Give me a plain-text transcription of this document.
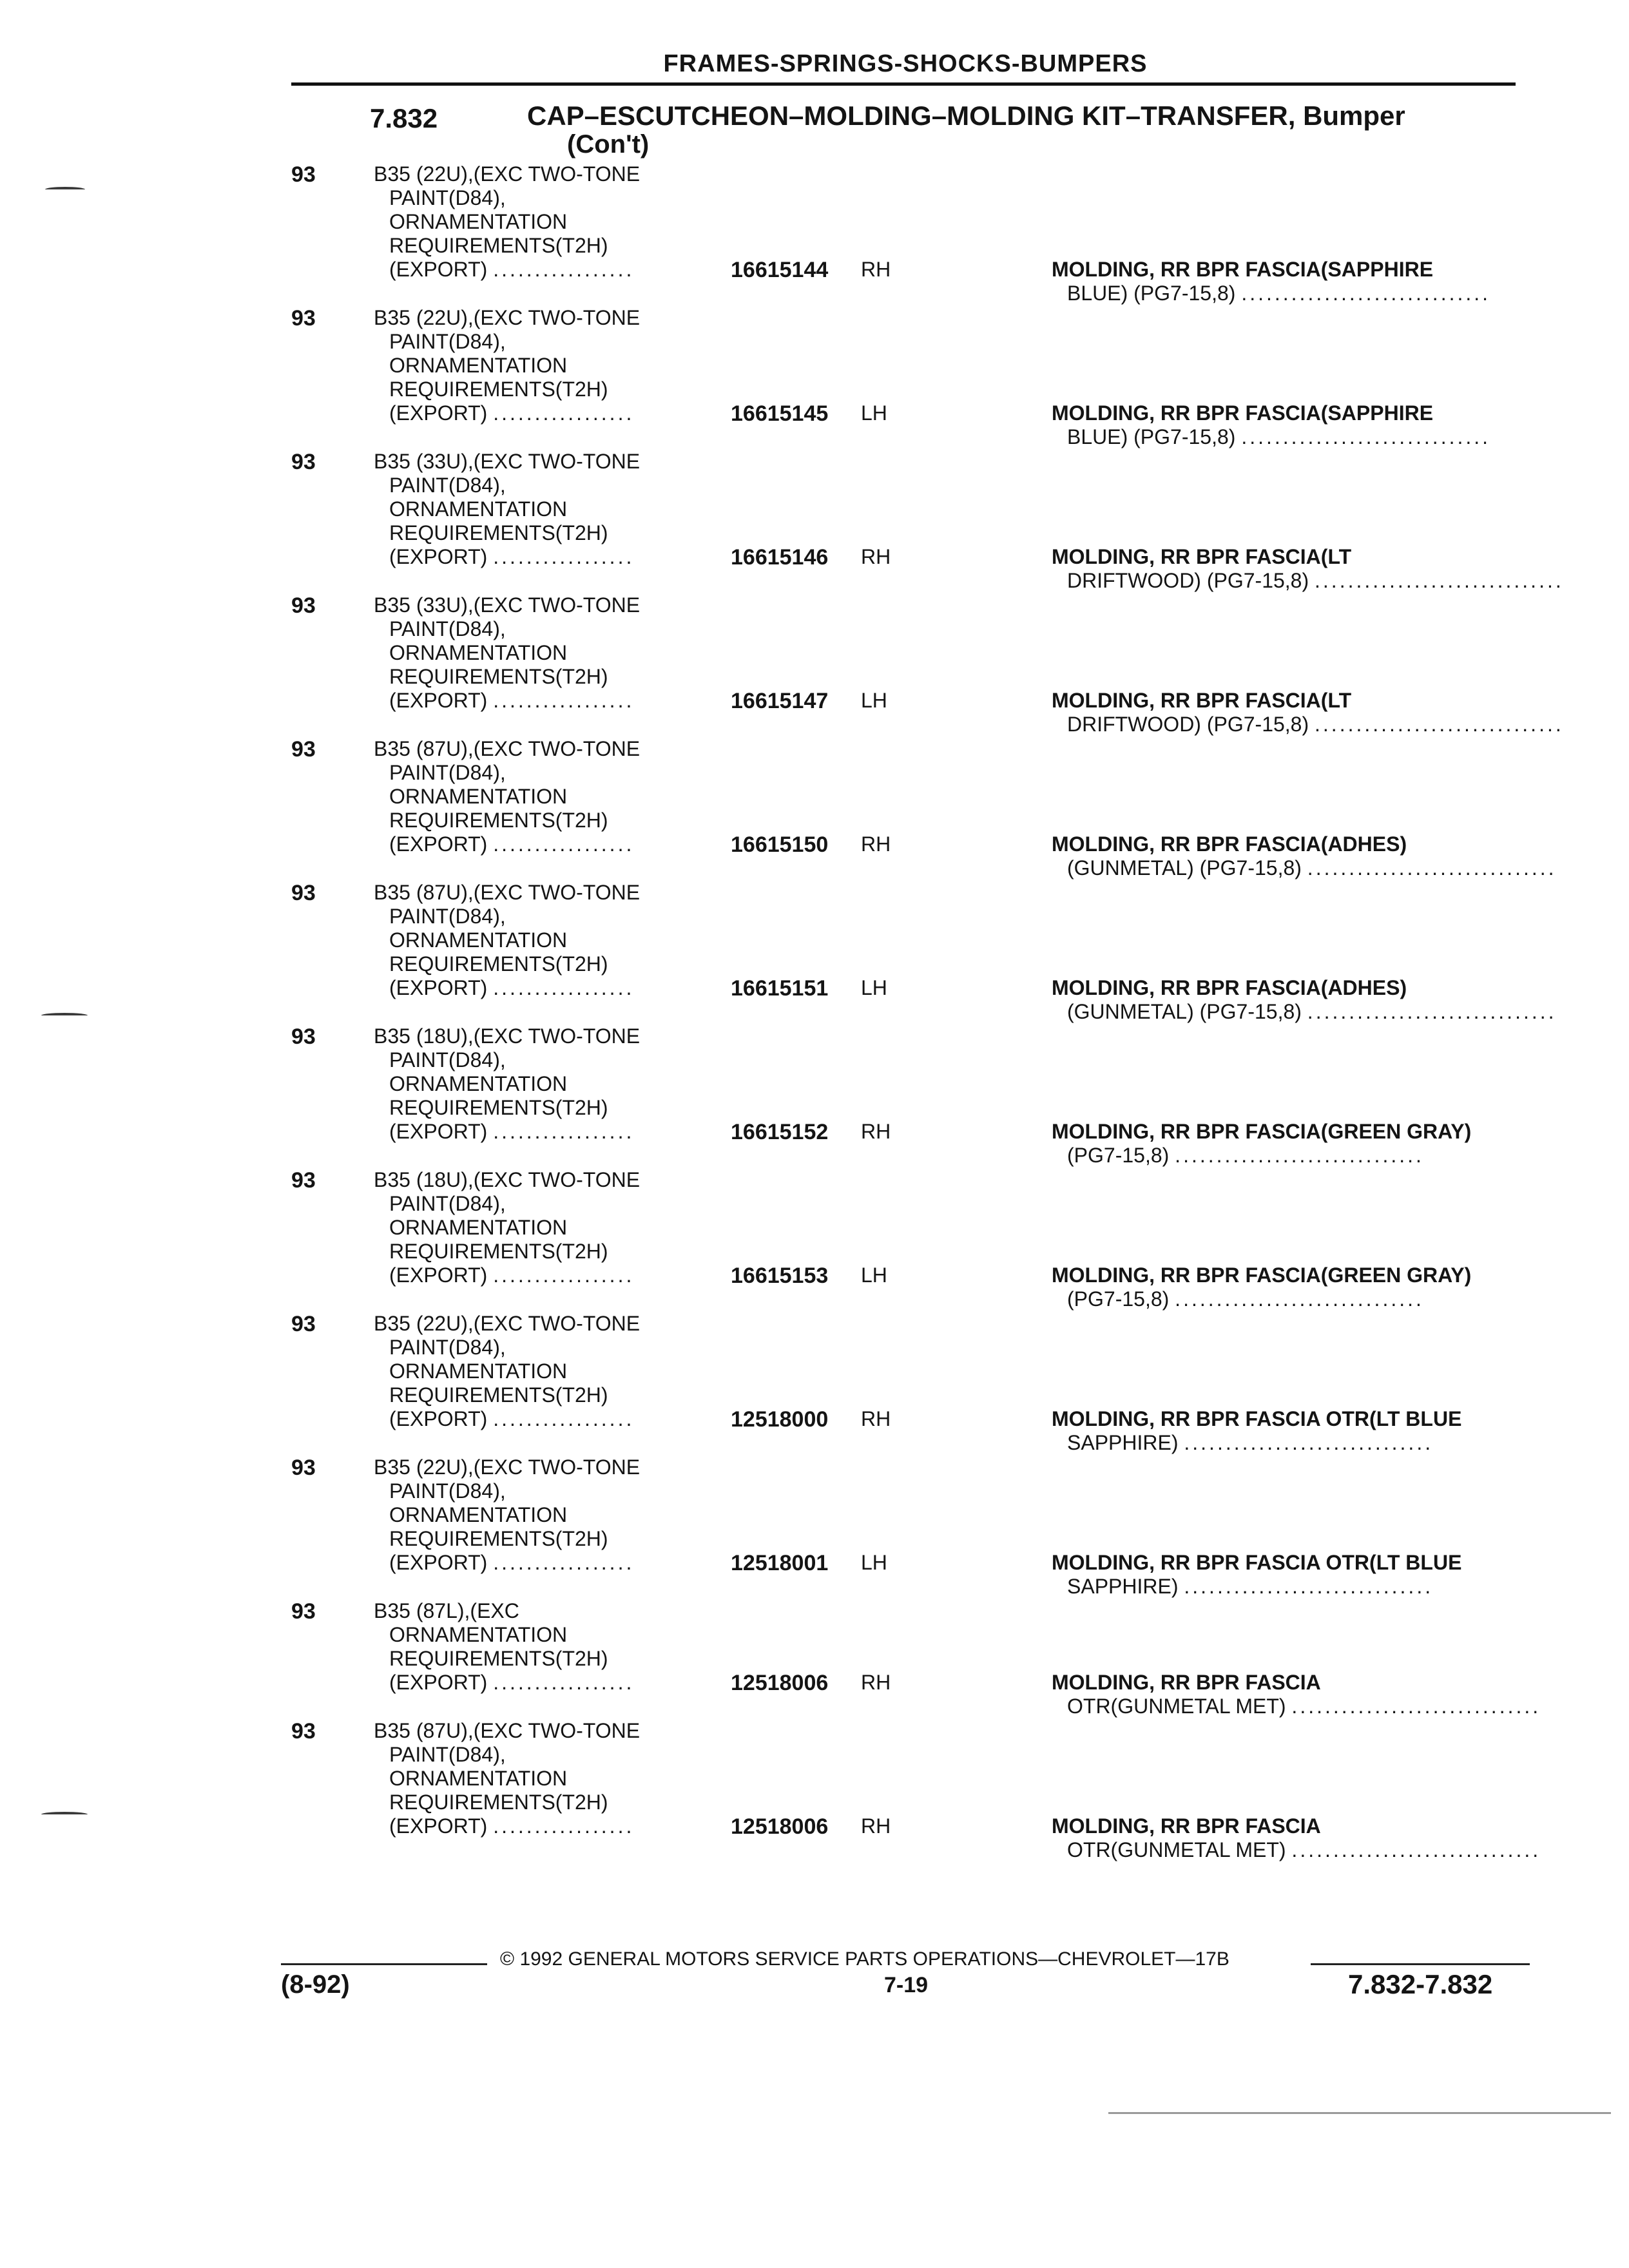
FRAMES-SPRINGS-SHOCKS-BUMPERS
7.832	CAP–ESCUTCHEON–MOLDING–MOLDING KIT–TRANSFER, Bumper
(Con't)
93	B35 (22U),(EXC TWO-TONE
PAINT(D84),
ORNAMENTATION
REQUIREMENTS(T2H)
(EXPORT) .................	16615144 RH	MOLDING, RR BPR FASCIA(SAPPHIRE
BLUE) (PG7-15,8) ..............................
93	B35 (22U),(EXC TWO-TONE
PAINT(D84),
ORNAMENTATION
REQUIREMENTS(T2H)
(EXPORT) .................	16615145 LH	MOLDING, RR BPR FASCIA(SAPPHIRE
BLUE) (PG7-15,8) ..............................
93	B35 (33U),(EXC TWO-TONE
PAINT(D84),
ORNAMENTATION
REQUIREMENTS(T2H)
(EXPORT) .................	16615146 RH	MOLDING, RR BPR FASCIA(LT
DRIFTWOOD) (PG7-15,8) ..............................
93	B35 (33U),(EXC TWO-TONE
PAINT(D84),
ORNAMENTATION
REQUIREMENTS(T2H)
(EXPORT) .................	16615147 LH	MOLDING, RR BPR FASCIA(LT
DRIFTWOOD) (PG7-15,8) ..............................
93	B35 (87U),(EXC TWO-TONE
PAINT(D84),
ORNAMENTATION
REQUIREMENTS(T2H)
(EXPORT) .................	16615150 RH	MOLDING, RR BPR FASCIA(ADHES)
(GUNMETAL) (PG7-15,8) ..............................
93	B35 (87U),(EXC TWO-TONE
PAINT(D84),
ORNAMENTATION
REQUIREMENTS(T2H)
(EXPORT) .................	16615151 LH	MOLDING, RR BPR FASCIA(ADHES)
(GUNMETAL) (PG7-15,8) ..............................
93	B35 (18U),(EXC TWO-TONE
PAINT(D84),
ORNAMENTATION
REQUIREMENTS(T2H)
(EXPORT) .................	16615152 RH	MOLDING, RR BPR FASCIA(GREEN GRAY)
(PG7-15,8) ..............................
93	B35 (18U),(EXC TWO-TONE
PAINT(D84),
ORNAMENTATION
REQUIREMENTS(T2H)
(EXPORT) .................	16615153 LH	MOLDING, RR BPR FASCIA(GREEN GRAY)
(PG7-15,8) ..............................
93	B35 (22U),(EXC TWO-TONE
PAINT(D84),
ORNAMENTATION
REQUIREMENTS(T2H)
(EXPORT) .................	12518000 RH	MOLDING, RR BPR FASCIA OTR(LT BLUE
SAPPHIRE) ..............................
93	B35 (22U),(EXC TWO-TONE
PAINT(D84),
ORNAMENTATION
REQUIREMENTS(T2H)
(EXPORT) .................	12518001 LH	MOLDING, RR BPR FASCIA OTR(LT BLUE
SAPPHIRE) ..............................
93	B35 (87L),(EXC
ORNAMENTATION
REQUIREMENTS(T2H)
(EXPORT) .................	12518006 RH	MOLDING, RR BPR FASCIA
OTR(GUNMETAL MET) ..............................
93	B35 (87U),(EXC TWO-TONE
PAINT(D84),
ORNAMENTATION
REQUIREMENTS(T2H)
(EXPORT) .................	12518006 RH	MOLDING, RR BPR FASCIA
OTR(GUNMETAL MET) ..............................
© 1992 GENERAL MOTORS SERVICE PARTS OPERATIONS—CHEVROLET—17B
(8-92)	7-19	7.832-7.832
